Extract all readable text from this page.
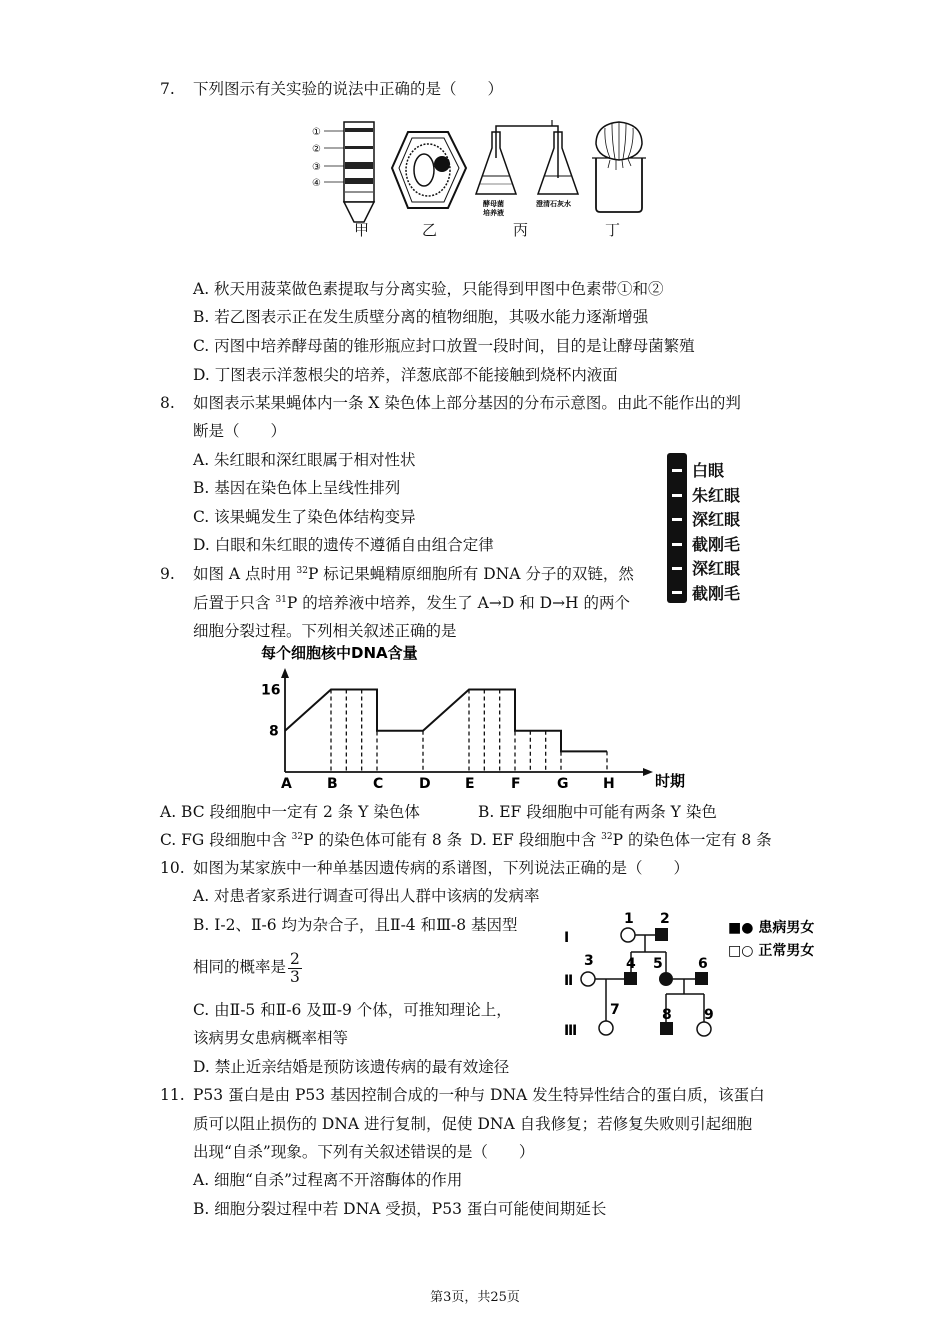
7. 下列图示有关实验的说法中正确的是（　　）
①
②
③
④
酵母菌
培养液
澄清石灰水
甲	乙	丙	丁
A. 秋天用菠菜做色素提取与分离实验，只能得到甲图中色素带①和②
B. 若乙图表示正在发生质壁分离的植物细胞，其吸水能力逐渐增强
C. 丙图中培养酵母菌的锥形瓶应封口放置一段时间，目的是让酵母菌繁殖
D. 丁图表示洋葱根尖的培养，洋葱底部不能接触到烧杯内液面
8. 如图表示某果蝇体内一条 X 染色体上部分基因的分布示意图。由此不能作出的判
断是（　　）
A. 朱红眼和深红眼属于相对性状
B. 基因在染色体上呈线性排列
C. 该果蝇发生了染色体结构变异
D. 白眼和朱红眼的遗传不遵循自由组合定律
白眼
朱红眼
深红眼
截刚毛
深红眼
截刚毛
9. 如图 A 点时用 $^{32}$P 标记果蝇精原细胞所有 DNA 分子的双链，然
后置于只含 $^{31}$P 的培养液中培养，发生了 A→D 和 D→H 的两个
细胞分裂过程。下列相关叙述正确的是
每个细胞核中DNA含量
8
16
A	B	C	D E	F	G H	时期
A. BC 段细胞中一定有 2 条 Y 染色体	B. EF 段细胞中可能有两条 Y 染色
C. FG 段细胞中含 $^{32}$P 的染色体可能有 8 条 D. EF 段细胞中含 $^{32}$P 的染色体一定有 8 条
10. 如图为某家族中一种单基因遗传病的系谱图，下列说法正确的是（　　）
A. 对患者家系进行调查可得出人群中该病的发病率
B. Ⅰ-2、Ⅱ-6 均为杂合子，且Ⅱ-4 和Ⅲ-8 基因型
相同的概率是 $\frac{2}{3}$
C. 由Ⅱ-5 和Ⅱ-6 及Ⅲ-9 个体，可推知理论上，
该病男女患病概率相等
D. 禁止近亲结婚是预防该遗传病的最有效途径
Ⅰ
Ⅱ
Ⅲ
1 2
3 4 5	6
7	8 9
■● 患病男女
□○ 正常男女
11. P53 蛋白是由 P53 基因控制合成的一种与 DNA 发生特异性结合的蛋白质，该蛋白
质可以阻止损伤的 DNA 进行复制，促使 DNA 自我修复；若修复失败则引起细胞
出现“自杀”现象。下列有关叙述错误的是（　　）
A. 细胞“自杀”过程离不开溶酶体的作用
B. 细胞分裂过程中若 DNA 受损，P53 蛋白可能使间期延长
第3页，共25页
